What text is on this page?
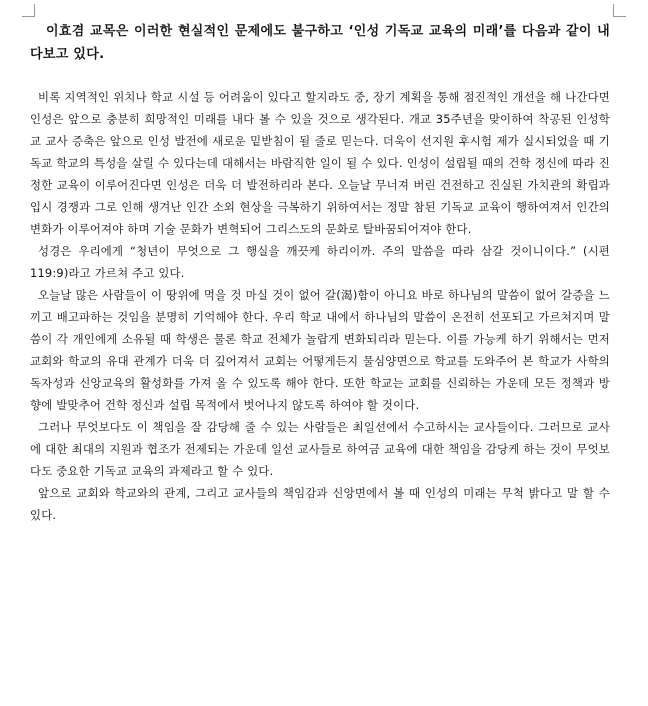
이효겸 교목은 이러한 현실적인 문제에도 불구하고 ‘인성 기독교 교육의 미래’를 다음과 같이 내다보고 있다.

비록 지역적인 위치나 학교 시설 등 어려움이 있다고 할지라도 중, 장기 계획을 통해 점진적인 개선을 해 나간다면 인성은 앞으로 충분히 희망적인 미래를 내다 볼 수 있을 것으로 생각된다. 개교 35주년을 맞이하여 착공된 인성학교 교사 증축은 앞으로 인성 발전에 새로운 밑받침이 될 줄로 믿는다. 더욱이 선지원 후시험 제가 실시되었을 때 기독교 학교의 특성을 살릴 수 있다는데 대해서는 바람직한 일이 될 수 있다. 인성이 설립될 때의 건학 정신에 따라 진정한 교육이 이루어진다면 인성은 더욱 더 발전하리라 본다. 오늘날 무너져 버린 건전하고 진실된 가치관의 확립과 입시 경쟁과 그로 인해 생겨난 인간 소외 현상을 극복하기 위하여서는 정말 참된 기독교 교육이 행하여져서 인간의 변화가 이루어져야 하며 기술 문화가 변혁되어 그리스도의 문화로 탈바꿈되어져야 한다.

성경은 우리에게 “청년이 무엇으로 그 행실을 깨끗케 하리이까. 주의 말씀을 따라 삼갈 것이니이다.” (시편 119:9)라고 가르쳐 주고 있다.

오늘날 많은 사람들이 이 땅위에 먹을 것 마실 것이 없어 갈(渴)함이 아니요 바로 하나님의 말씀이 없어 갈증을 느끼고 배고파하는 것임을 분명히 기억해야 한다. 우리 학교 내에서 하나님의 말씀이 온전히 선포되고 가르쳐지며 말씀이 각 개인에게 소유될 때 학생은 물론 학교 전체가 놀랍게 변화되리라 믿는다. 이를 가능케 하기 위해서는 먼저 교회와 학교의 유대 관계가 더욱 더 깊어져서 교회는 어떻게든지 물심양면으로 학교를 도와주어 본 학교가 사학의 독자성과 신앙교육의 활성화를 가져 올 수 있도록 해야 한다. 또한 학교는 교회를 신뢰하는 가운데 모든 정책과 방향에 발맞추어 건학 정신과 설립 목적에서 벗어나지 않도록 하여야 할 것이다.

그러나 무엇보다도 이 책임을 잘 감당해 줄 수 있는 사람들은 최일선에서 수고하시는 교사들이다. 그러므로 교사에 대한 최대의 지원과 협조가 전제되는 가운데 일선 교사들로 하여금 교육에 대한 책임을 감당케 하는 것이 무엇보다도 중요한 기독교 교육의 과제라고 할 수 있다.

앞으로 교회와 학교와의 관계, 그리고 교사들의 책임감과 신앙면에서 볼 때 인성의 미래는 무척 밝다고 말 할 수 있다.
